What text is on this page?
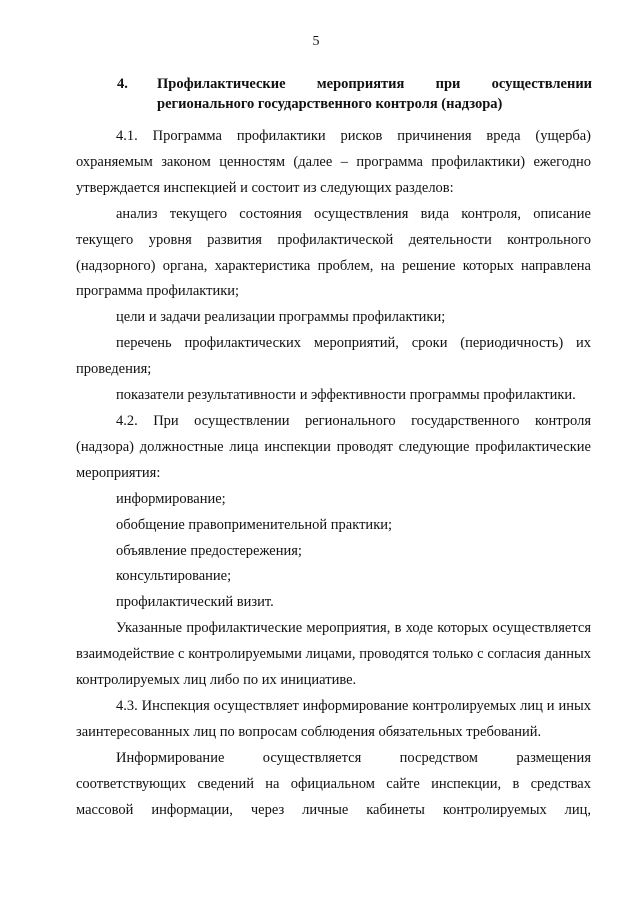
5
4. Профилактические мероприятия при осуществлении
регионального государственного контроля (надзора)

4.1. Программа профилактики рисков причинения вреда (ущерба) охраняемым законом ценностям (далее – программа профилактики) ежегодно утверждается инспекцией и состоит из следующих разделов:

анализ текущего состояния осуществления вида контроля, описание текущего уровня развития профилактической деятельности контрольного (надзорного) органа, характеристика проблем, на решение которых направлена программа профилактики;

цели и задачи реализации программы профилактики;

перечень профилактических мероприятий, сроки (периодичность) их проведения;

показатели результативности и эффективности программы профилактики.

4.2. При осуществлении регионального государственного контроля (надзора) должностные лица инспекции проводят следующие профилактические мероприятия:

информирование;

обобщение правоприменительной практики;

объявление предостережения;

консультирование;

профилактический визит.

Указанные профилактические мероприятия, в ходе которых осуществляется взаимодействие с контролируемыми лицами, проводятся только с согласия данных контролируемых лиц либо по их инициативе.

4.3. Инспекция осуществляет информирование контролируемых лиц и иных заинтересованных лиц по вопросам соблюдения обязательных требований.

Информирование осуществляется посредством размещения соответствующих сведений на официальном сайте инспекции, в средствах массовой информации, через личные кабинеты контролируемых лиц,
